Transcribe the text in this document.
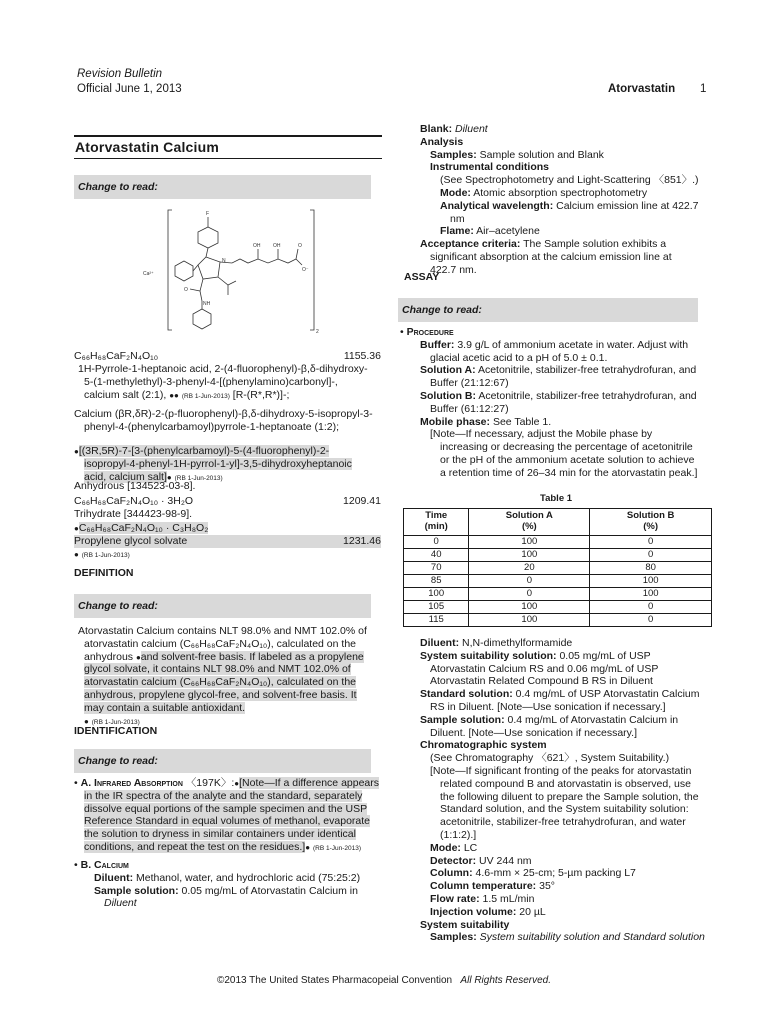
Revision Bulletin
Official June 1, 2013	Atorvastatin 1
Atorvastatin Calcium
Change to read:
F
Ca²⁺
OH	OH	O
O⁻
O
NH
N
2
C₆₆H₆₈CaF₂N₄O₁₀	1155.36
1H-Pyrrole-1-heptanoic acid, 2-(4-fluorophenyl)-β,δ-dihydroxy-5-(1-methylethyl)-3-phenyl-4-[(phenylamino)carbonyl]-, calcium salt (2:1), ●● (RB 1-Jun-2013) [R-(R*,R*)]-;
Calcium (βR,δR)-2-(p-fluorophenyl)-β,δ-dihydroxy-5-isopropyl-3-phenyl-4-(phenylcarbamoyl)pyrrole-1-heptanoate (1:2);
●[(3R,5R)-7-[3-(phenylcarbamoyl)-5-(4-fluorophenyl)-2-isopropyl-4-phenyl-1H-pyrrol-1-yl]-3,5-dihydroxyheptanoic acid, calcium salt]● (RB 1-Jun-2013)
Anhydrous [134523-03-8].
C₆₆H₆₈CaF₂N₄O₁₀ · 3H₂O	1209.41
Trihydrate [344423-98-9].
●C₆₆H₆₈CaF₂N₄O₁₀ · C₃H₈O₂
Propylene glycol solvate	1231.46
● (RB 1-Jun-2013)
DEFINITION
Change to read:
Atorvastatin Calcium contains NLT 98.0% and NMT 102.0% of atorvastatin calcium (C₆₆H₆₈CaF₂N₄O₁₀), calculated on the anhydrous ●and solvent-free basis. If labeled as a propylene glycol solvate, it contains NLT 98.0% and NMT 102.0% of atorvastatin calcium (C₆₆H₆₈CaF₂N₄O₁₀), calculated on the anhydrous, propylene glycol-free, and solvent-free basis. It may contain a suitable antioxidant.
● (RB 1-Jun-2013)
IDENTIFICATION
Change to read:
• A. Infrared Absorption 〈197K〉:●[Note—If a difference appears in the IR spectra of the analyte and the standard, separately dissolve equal portions of the sample specimen and the USP Reference Standard in equal volumes of methanol, evaporate the solution to dryness in similar containers under identical conditions, and repeat the test on the residues.]● (RB 1-Jun-2013)
• B. Calcium
Diluent: Methanol, water, and hydrochloric acid (75:25:2)
Sample solution: 0.05 mg/mL of Atorvastatin Calcium in Diluent
Blank: Diluent
Analysis
Samples: Sample solution and Blank
Instrumental conditions
(See Spectrophotometry and Light-Scattering 〈851〉.)
Mode: Atomic absorption spectrophotometry
Analytical wavelength: Calcium emission line at 422.7 nm
Flame: Air–acetylene
Acceptance criteria: The Sample solution exhibits a significant absorption at the calcium emission line at 422.7 nm.
ASSAY
Change to read:
• Procedure
Buffer: 3.9 g/L of ammonium acetate in water. Adjust with glacial acetic acid to a pH of 5.0 ± 0.1.
Solution A: Acetonitrile, stabilizer-free tetrahydrofuran, and Buffer (21:12:67)
Solution B: Acetonitrile, stabilizer-free tetrahydrofuran, and Buffer (61:12:27)
Mobile phase: See Table 1.
[Note—If necessary, adjust the Mobile phase by increasing or decreasing the percentage of acetonitrile or the pH of the ammonium acetate solution to achieve a retention time of 26–34 min for the atorvastatin peak.]
Table 1
Time
(min)	Solution A
(%)	Solution B
(%)
0	100	0
40	100	0
70	20	80
85	0	100
100	0	100
105	100	0
115	100	0
Diluent: N,N-dimethylformamide
System suitability solution: 0.05 mg/mL of USP Atorvastatin Calcium RS and 0.06 mg/mL of USP Atorvastatin Related Compound B RS in Diluent
Standard solution: 0.4 mg/mL of USP Atorvastatin Calcium RS in Diluent. [Note—Use sonication if necessary.]
Sample solution: 0.4 mg/mL of Atorvastatin Calcium in Diluent. [Note—Use sonication if necessary.]
Chromatographic system
(See Chromatography 〈621〉, System Suitability.)
[Note—If significant fronting of the peaks for atorvastatin related compound B and atorvastatin is observed, use the following diluent to prepare the Sample solution, the Standard solution, and the System suitability solution: acetonitrile, stabilizer-free tetrahydrofuran, and water (1:1:2).]
Mode: LC
Detector: UV 244 nm
Column: 4.6-mm × 25-cm; 5-µm packing L7
Column temperature: 35°
Flow rate: 1.5 mL/min
Injection volume: 20 µL
System suitability
Samples: System suitability solution and Standard solution
©2013 The United States Pharmacopeial Convention All Rights Reserved.
